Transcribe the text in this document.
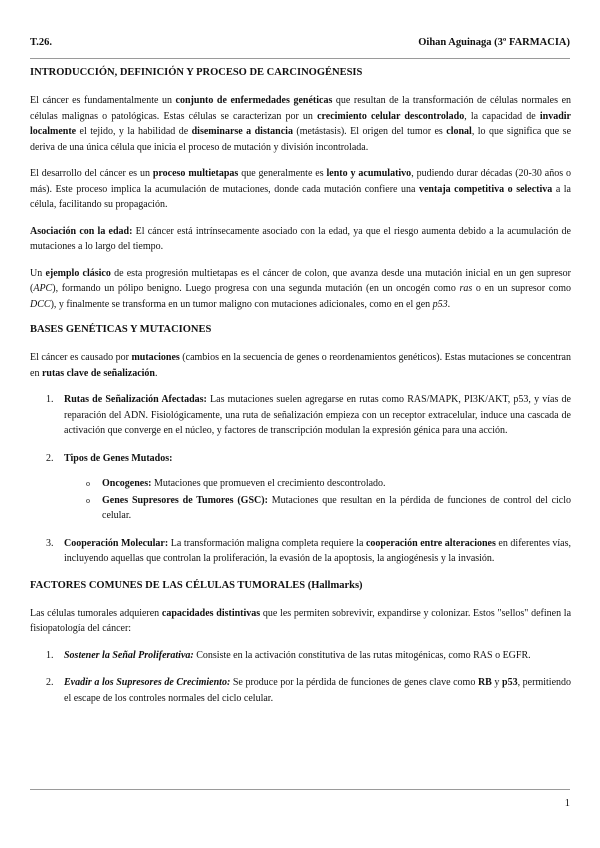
T.26.	Oihan Aguinaga (3º FARMACIA)
INTRODUCCIÓN, DEFINICIÓN Y PROCESO DE CARCINOGÉNESIS

El cáncer es fundamentalmente un conjunto de enfermedades genéticas que resultan de la transformación de células normales en células malignas o patológicas. Estas células se caracterizan por un crecimiento celular descontrolado, la capacidad de invadir localmente el tejido, y la habilidad de diseminarse a distancia (metástasis). El origen del tumor es clonal, lo que significa que se deriva de una única célula que inicia el proceso de mutación y división incontrolada.

El desarrollo del cáncer es un proceso multietapas que generalmente es lento y acumulativo, pudiendo durar décadas (20-30 años o más). Este proceso implica la acumulación de mutaciones, donde cada mutación confiere una ventaja competitiva o selectiva a la célula, facilitando su propagación.

Asociación con la edad: El cáncer está intrínsecamente asociado con la edad, ya que el riesgo aumenta debido a la acumulación de mutaciones a lo largo del tiempo.

Un ejemplo clásico de esta progresión multietapas es el cáncer de colon, que avanza desde una mutación inicial en un gen supresor (APC), formando un pólipo benigno. Luego progresa con una segunda mutación (en un oncogén como ras o en un supresor como DCC), y finalmente se transforma en un tumor maligno con mutaciones adicionales, como en el gen p53.

BASES GENÉTICAS Y MUTACIONES

El cáncer es causado por mutaciones (cambios en la secuencia de genes o reordenamientos genéticos). Estas mutaciones se concentran en rutas clave de señalización.

1. Rutas de Señalización Afectadas: Las mutaciones suelen agregarse en rutas como RAS/MAPK, PI3K/AKT, p53, y vías de reparación del ADN. Fisiológicamente, una ruta de señalización empieza con un receptor extracelular, induce una cascada de activación que converge en el núcleo, y factores de transcripción modulan la expresión génica para una acción.
2. Tipos de Genes Mutados:
o Oncogenes: Mutaciones que promueven el crecimiento descontrolado.
o Genes Supresores de Tumores (GSC): Mutaciones que resultan en la pérdida de funciones de control del ciclo celular.
3. Cooperación Molecular: La transformación maligna completa requiere la cooperación entre alteraciones en diferentes vías, incluyendo aquellas que controlan la proliferación, la evasión de la apoptosis, la angiogénesis y la invasión.
FACTORES COMUNES DE LAS CÉLULAS TUMORALES (Hallmarks)

Las células tumorales adquieren capacidades distintivas que les permiten sobrevivir, expandirse y colonizar. Estos "sellos" definen la fisiopatología del cáncer:

1. Sostener la Señal Proliferativa: Consiste en la activación constitutiva de las rutas mitogénicas, como RAS o EGFR.
2. Evadir a los Supresores de Crecimiento: Se produce por la pérdida de funciones de genes clave como RB y p53, permitiendo el escape de los controles normales del ciclo celular.
1
